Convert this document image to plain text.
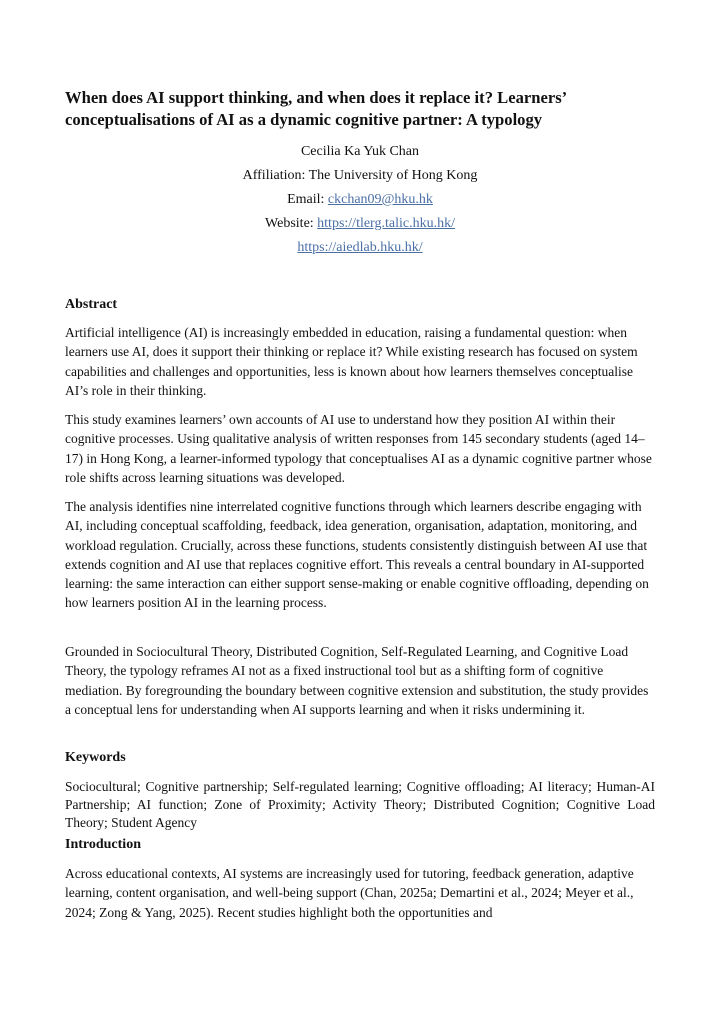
When does AI support thinking, and when does it replace it? Learners’ conceptualisations of AI as a dynamic cognitive partner: A typology
Cecilia Ka Yuk Chan
Affiliation: The University of Hong Kong
Email: ckchan09@hku.hk
Website: https://tlerg.talic.hku.hk/
https://aiedlab.hku.hk/
Abstract

Artificial intelligence (AI) is increasingly embedded in education, raising a fundamental question: when learners use AI, does it support their thinking or replace it? While existing research has focused on system capabilities and challenges and opportunities, less is known about how learners themselves conceptualise AI’s role in their thinking.

This study examines learners’ own accounts of AI use to understand how they position AI within their cognitive processes. Using qualitative analysis of written responses from 145 secondary students (aged 14–17) in Hong Kong, a learner-informed typology that conceptualises AI as a dynamic cognitive partner whose role shifts across learning situations was developed.

The analysis identifies nine interrelated cognitive functions through which learners describe engaging with AI, including conceptual scaffolding, feedback, idea generation, organisation, adaptation, monitoring, and workload regulation. Crucially, across these functions, students consistently distinguish between AI use that extends cognition and AI use that replaces cognitive effort. This reveals a central boundary in AI-supported learning: the same interaction can either support sense-making or enable cognitive offloading, depending on how learners position AI in the learning process.

Grounded in Sociocultural Theory, Distributed Cognition, Self-Regulated Learning, and Cognitive Load Theory, the typology reframes AI not as a fixed instructional tool but as a shifting form of cognitive mediation. By foregrounding the boundary between cognitive extension and substitution, the study provides a conceptual lens for understanding when AI supports learning and when it risks undermining it.

Keywords

Sociocultural; Cognitive partnership; Self-regulated learning; Cognitive offloading; AI literacy; Human-AI Partnership; AI function; Zone of Proximity; Activity Theory; Distributed Cognition; Cognitive Load Theory; Student Agency

Introduction

Across educational contexts, AI systems are increasingly used for tutoring, feedback generation, adaptive learning, content organisation, and well-being support (Chan, 2025a; Demartini et al., 2024; Meyer et al., 2024; Zong & Yang, 2025). Recent studies highlight both the opportunities and
